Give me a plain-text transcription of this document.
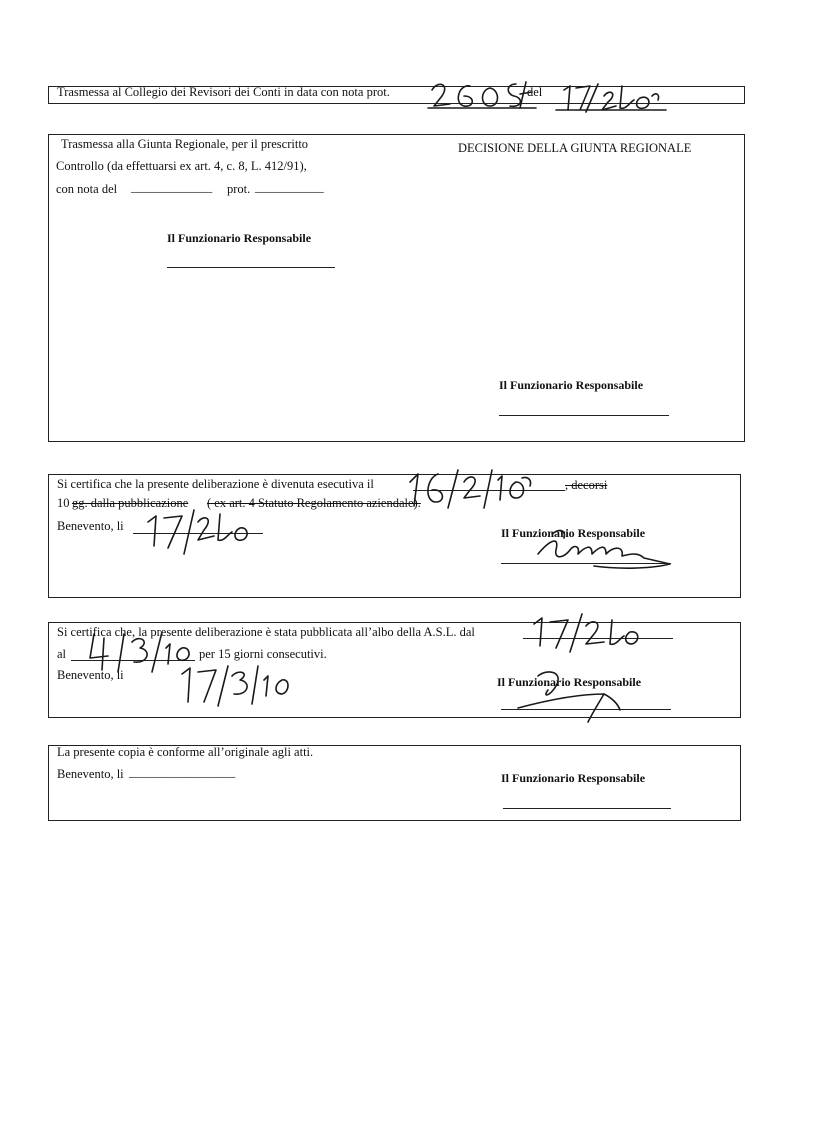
Trasmessa al Collegio dei Revisori dei Conti in data con nota prot.	del
Trasmessa alla Giunta Regionale, per il prescritto
Controllo (da effettuarsi ex art. 4, c. 8, L. 412/91),
con nota del _____________ prot. ___________
Il Funzionario Responsabile
DECISIONE DELLA GIUNTA REGIONALE
Il Funzionario Responsabile
Si certifica che la presente deliberazione è divenuta esecutiva il	, decorsi
10 gg. dalla pubblicazione ( ex art. 4 Statuto Regolamento aziendale).
Benevento, li	Il Funzionario Responsabile
Si certifica che, la presente deliberazione è stata pubblicata all’albo della A.S.L. dal
al	per 15 giorni consecutivi.
Benevento, li	Il Funzionario Responsabile
La presente copia è conforme all’originale agli atti.
Benevento, li _________________	Il Funzionario Responsabile
